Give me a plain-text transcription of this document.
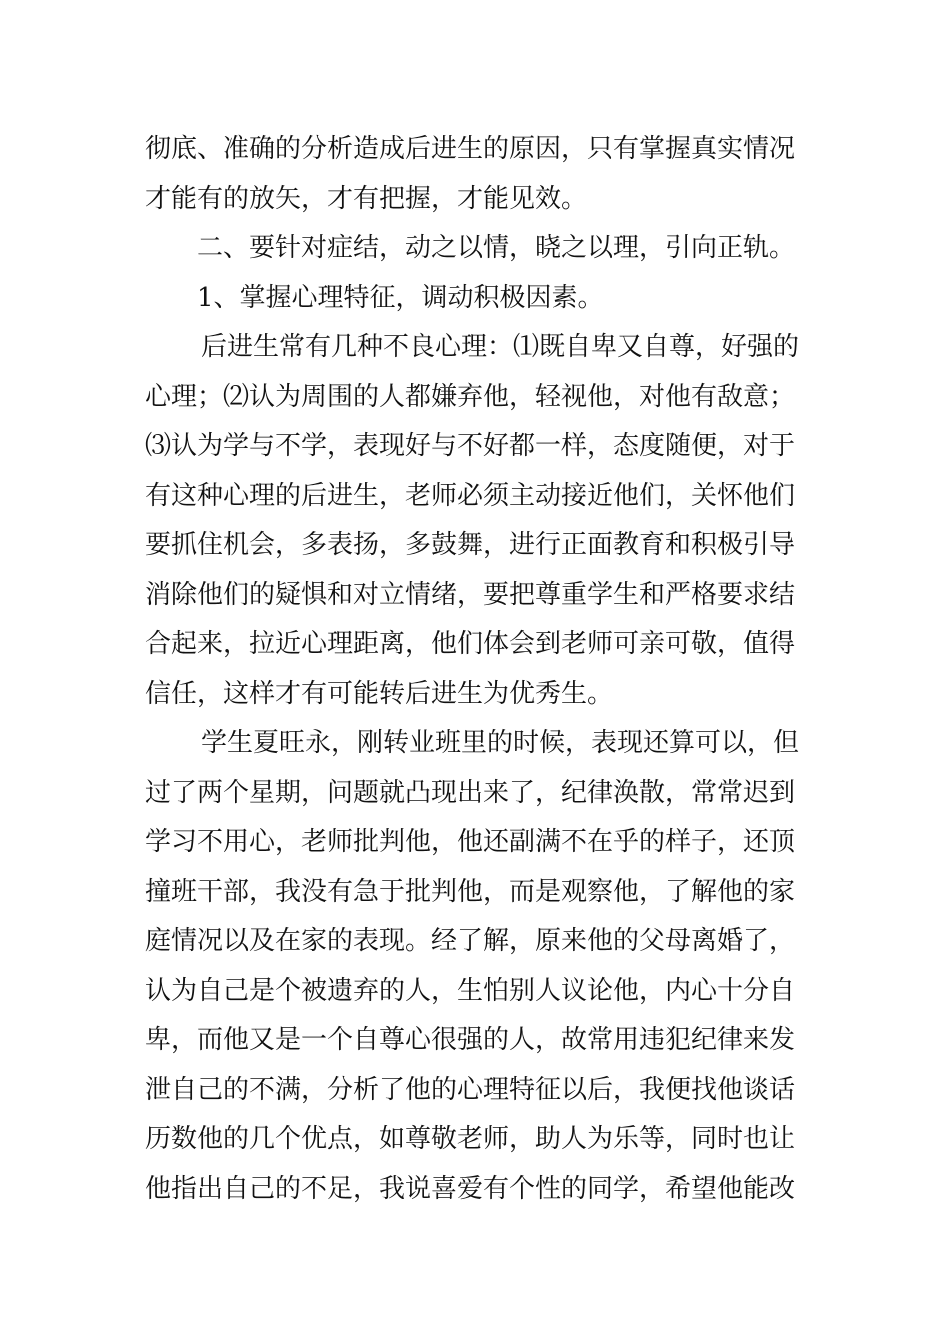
彻底、准确的分析造成后进生的原因，只有掌握真实情况
才能有的放矢，才有把握，才能见效。
二、要针对症结，动之以情，晓之以理，引向正轨。
1、掌握心理特征，调动积极因素。
后进生常有几种不良心理：⑴既自卑又自尊，好强的
心理；⑵认为周围的人都嫌弃他，轻视他，对他有敌意；
⑶认为学与不学，表现好与不好都一样，态度随便，对于
有这种心理的后进生，老师必须主动接近他们，关怀他们
要抓住机会，多表扬，多鼓舞，进行正面教育和积极引导
消除他们的疑惧和对立情绪，要把尊重学生和严格要求结
合起来，拉近心理距离，他们体会到老师可亲可敬，值得
信任，这样才有可能转后进生为优秀生。
学生夏旺永，刚转业班里的时候，表现还算可以，但
过了两个星期，问题就凸现出来了，纪律涣散，常常迟到
学习不用心，老师批判他，他还副满不在乎的样子，还顶
撞班干部，我没有急于批判他，而是观察他，了解他的家
庭情况以及在家的表现。经了解，原来他的父母离婚了，
认为自己是个被遗弃的人，生怕别人议论他，内心十分自
卑，而他又是一个自尊心很强的人，故常用违犯纪律来发
泄自己的不满，分析了他的心理特征以后，我便找他谈话
历数他的几个优点，如尊敬老师，助人为乐等，同时也让
他指出自己的不足，我说喜爱有个性的同学，希望他能改
